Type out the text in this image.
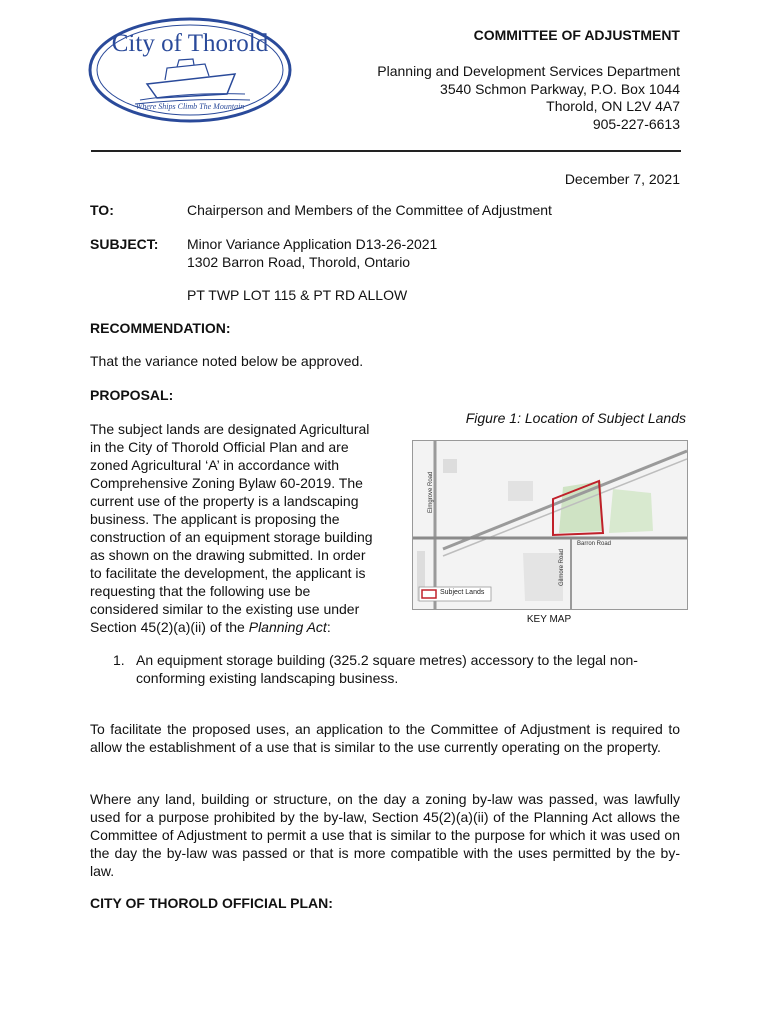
City of Thorold
Where Ships Climb The Mountain
COMMITTEE OF ADJUSTMENT
Planning and Development Services Department
3540 Schmon Parkway, P.O. Box 1044
Thorold, ON L2V 4A7
905-227-6613
December 7, 2021
TO:	Chairperson and Members of the Committee of Adjustment
SUBJECT: Minor Variance Application D13-26-2021
1302 Barron Road, Thorold, Ontario
PT TWP LOT 115 & PT RD ALLOW
RECOMMENDATION:
That the variance noted below be approved.
PROPOSAL:
The subject lands are designated Agricultural
in the City of Thorold Official Plan and are
zoned Agricultural ‘A’ in accordance with
Comprehensive Zoning Bylaw 60-2019. The
current use of the property is a landscaping
business. The applicant is proposing the
construction of an equipment storage building
as shown on the drawing submitted. In order
to facilitate the development, the applicant is
requesting that the following use be
considered similar to the existing use under
Section 45(2)(a)(ii) of the Planning Act:
Figure 1: Location of Subject Lands
Elmgrove Road
Barron Road
Gilmore Road
Subject Lands
KEY MAP
1. An equipment storage building (325.2 square metres) accessory to the legal non-
conforming existing landscaping business.
To facilitate the proposed uses, an application to the Committee of Adjustment is required to allow the establishment of a use that is similar to the use currently operating on the property.
Where any land, building or structure, on the day a zoning by-law was passed, was lawfully used for a purpose prohibited by the by-law, Section 45(2)(a)(ii) of the Planning Act allows the Committee of Adjustment to permit a use that is similar to the purpose for which it was used on the day the by-law was passed or that is more compatible with the uses permitted by the by-law.
CITY OF THOROLD OFFICIAL PLAN:
